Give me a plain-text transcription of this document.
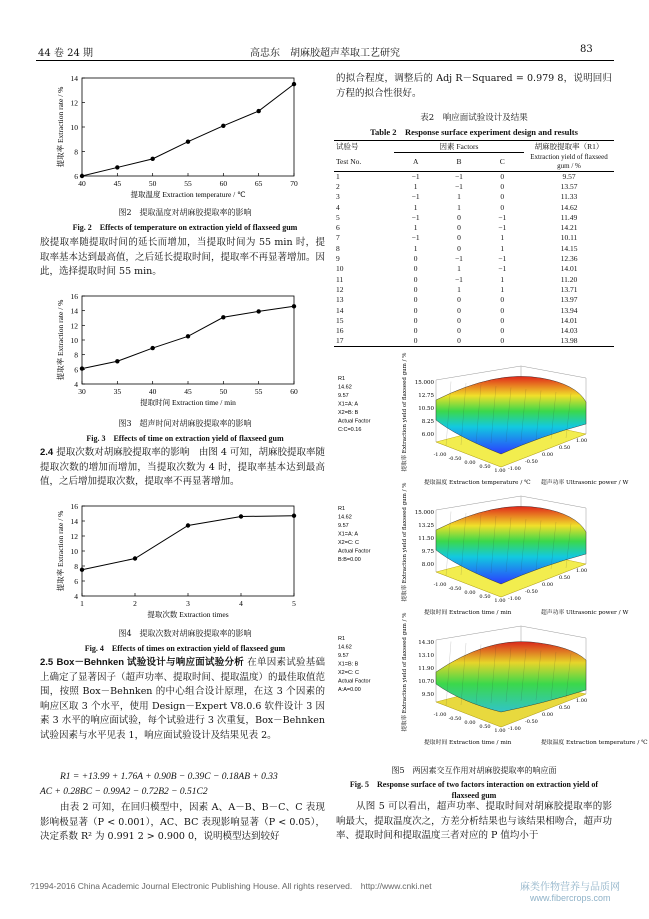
44 卷 24 期	高忠东　胡麻胶超声萃取工艺研究	83
40	45	50	55	60	65	70
6
8
10
12
14
提取温度 Extraction temperature / ℃
提取率 Extraction rate / %
图2　提取温度对胡麻胶提取率的影响
Fig. 2　Effects of temperature on extraction yield of flaxseed gum
胶提取率随提取时间的延长而增加，当提取时间为 55 min 时，提取率基本达到最高值，之后延长提取时间，提取率不再显著增加。因此，选择提取时间 55 min。
30	35	40	45	50	55	60
4
6
8
10
12
14
16
提取时间 Extraction time / min
提取率 Extraction rate / %
图3　超声时间对胡麻胶提取率的影响
Fig. 3　Effects of time on extraction yield of flaxseed gum
2.4 提取次数对胡麻胶提取率的影响　由图 4 可知，胡麻胶提取率随提取次数的增加而增加，当提取次数为 4 时，提取率基本达到最高值，之后增加提取次数，提取率不再显著增加。
1	2	3	4	5
4
6
8
10
12
14
16
提取次数 Extraction times
提取率 Extraction rate / %
图4　提取次数对胡麻胶提取率的影响
Fig. 4　Effects of times on extraction yield of flaxseed gum
2.5 Box－Behnken 试验设计与响应面试验分析 在单因素试验基础上确定了显著因子（超声功率、提取时间、提取温度）的最佳取值范围，按照 Box－Behnken 的中心组合设计原理，在这 3 个因素的响应区取 3 个水平，使用 Design－Expert V8.0.6 软件设计 3 因素 3 水平的响应面试验，每个试验进行 3 次重复，Box－Behnken 试验因素与水平见表 1，响应面试验设计及结果见表 2。
R1 = +13.99 + 1.76A + 0.90B − 0.39C − 0.18AB + 0.33
AC + 0.28BC − 0.99A2 − 0.72B2 − 0.51C2
由表 2 可知，在回归模型中，因素 A、A－B、B－C、C 表现影响极显著（P < 0.001），AC、BC 表现影响显著（P < 0.05），决定系数 R² 为 0.991 2 > 0.900 0，说明模型达到较好
的拟合程度，调整后的 Adj R－Squared = 0.979 8，说明回归方程的拟合性很好。
表2　响应面试验设计及结果
Table 2　Response surface experiment design and results
试验号	因素 Factors			胡麻胶提取率（R1）
Test No.	A	B	C	Extraction yield of flaxseed gum / %
1	−1	−1	0	9.57
2	1	−1	0	13.57
3	−1	1	0	11.33
4	1	1	0	14.62
5	−1	0	−1	11.49
6	1	0	−1	14.21
7	−1	0	1	10.11
8	1	0	1	14.15
9	0	−1	−1	12.36
10	0	1	−1	14.01
11	0	−1	1	11.20
12	0	1	1	13.71
13	0	0	0	13.97
14	0	0	0	13.94
15	0	0	0	14.01
16	0	0	0	14.03
17	0	0	0	13.98
R1
14.62
9.57
X1=A: A
X2=B: B
Actual Factor
C:C=0.16
15.000
12.75
10.50
8.25
6.00
提取率 Extraction yield of flaxseed gum / %	-1.00
-1.00
-0.50	-0.50
0.00
0.00
0.50
0.50
1.00
1.00
提取温度 Extraction temperature / ℃ 超声功率 Ultrasonic power / W
R1
14.62
9.57
X1=A: A
X2=C: C
Actual Factor
B:B=0.00
15.000
13.25
11.50
9.75
8.00
提取率 Extraction yield of flaxseed gum / %	-1.00
-1.00
-0.50	-0.50
0.00
0.00
0.50
0.50
1.00
1.00
提取时间 Extraction time / min	超声功率 Ultrasonic power / W
R1
14.62
9.57
X1=B: B
X2=C: C
Actual Factor
A:A=0.00
14.30
13.10
11.90
10.70
9.50
提取率 Extraction yield of flaxseed gum / %	-1.00
-1.00
-0.50	-0.50
0.00
0.00
0.50
0.50
1.00
1.00
提取时间 Extraction time / min	提取温度 Extraction temperature / ℃
图5　两因素交互作用对胡麻胶提取率的响应面
Fig. 5　Response surface of two factors interaction on extraction yield of flaxseed gum
从图 5 可以看出，超声功率、提取时间对胡麻胶提取率的影响最大，提取温度次之，方差分析结果也与该结果相吻合，超声功率、提取时间和提取温度三者对应的 P 值均小于
?1994-2016 China Academic Journal Electronic Publishing House. All rights reserved.　http://www.cnki.net	麻类作物营养与品质网
www.fibercrops.com
